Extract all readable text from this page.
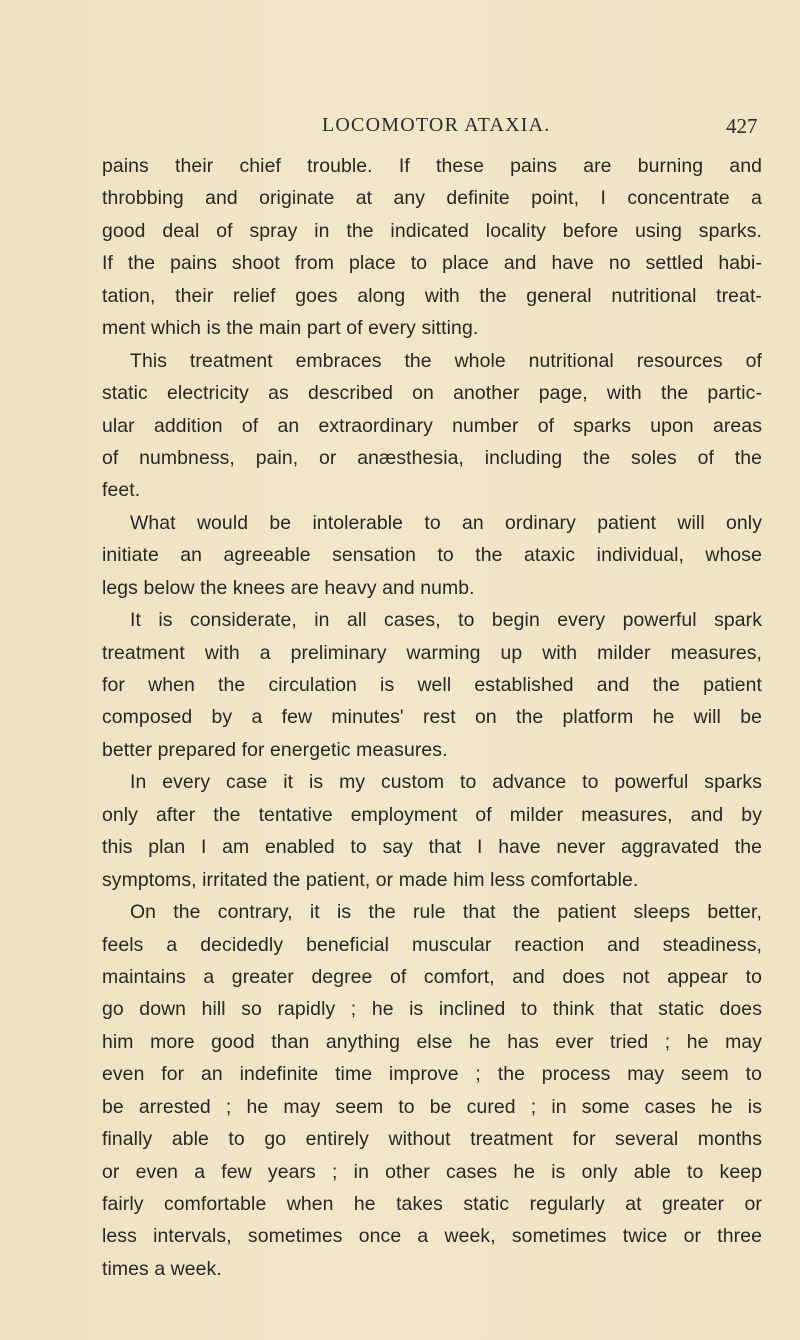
LOCOMOTOR ATAXIA.	427
pains their chief trouble. If these pains are burning and
throbbing and originate at any definite point, I concentrate a
good deal of spray in the indicated locality before using sparks.
If the pains shoot from place to place and have no settled habi-
tation, their relief goes along with the general nutritional treat-
ment which is the main part of every sitting.
This treatment embraces the whole nutritional resources of
static electricity as described on another page, with the partic-
ular addition of an extraordinary number of sparks upon areas
of numbness, pain, or anæsthesia, including the soles of the
feet.
What would be intolerable to an ordinary patient will only
initiate an agreeable sensation to the ataxic individual, whose
legs below the knees are heavy and numb.
It is considerate, in all cases, to begin every powerful spark
treatment with a preliminary warming up with milder measures,
for when the circulation is well established and the patient
composed by a few minutes' rest on the platform he will be
better prepared for energetic measures.
In every case it is my custom to advance to powerful sparks
only after the tentative employment of milder measures, and by
this plan I am enabled to say that I have never aggravated the
symptoms, irritated the patient, or made him less comfortable.
On the contrary, it is the rule that the patient sleeps better,
feels a decidedly beneficial muscular reaction and steadiness,
maintains a greater degree of comfort, and does not appear to
go down hill so rapidly ; he is inclined to think that static does
him more good than anything else he has ever tried ; he may
even for an indefinite time improve ; the process may seem to
be arrested ; he may seem to be cured ; in some cases he is
finally able to go entirely without treatment for several months
or even a few years ; in other cases he is only able to keep
fairly comfortable when he takes static regularly at greater or
less intervals, sometimes once a week, sometimes twice or three
times a week.
